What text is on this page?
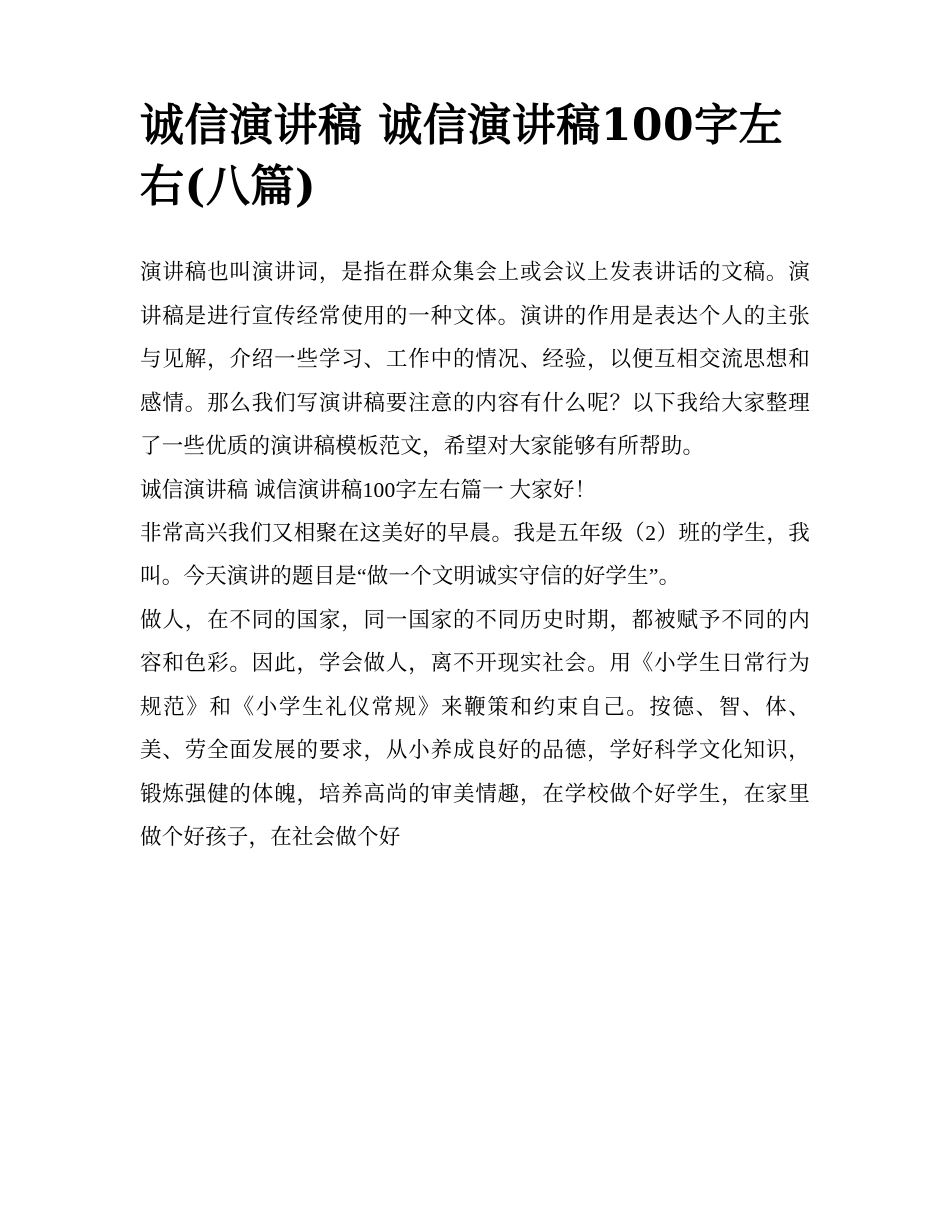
诚信演讲稿 诚信演讲稿100字左右(八篇)

演讲稿也叫演讲词，是指在群众集会上或会议上发表讲话的文稿。演讲稿是进行宣传经常使用的一种文体。演讲的作用是表达个人的主张与见解，介绍一些学习、工作中的情况、经验，以便互相交流思想和感情。那么我们写演讲稿要注意的内容有什么呢？以下我给大家整理了一些优质的演讲稿模板范文，希望对大家能够有所帮助。

诚信演讲稿 诚信演讲稿100字左右篇一 大家好！

非常高兴我们又相聚在这美好的早晨。我是五年级（2）班的学生，我叫。今天演讲的题目是“做一个文明诚实守信的好学生”。

做人，在不同的国家，同一国家的不同历史时期，都被赋予不同的内容和色彩。因此，学会做人，离不开现实社会。用《小学生日常行为规范》和《小学生礼仪常规》来鞭策和约束自己。按德、智、体、美、劳全面发展的要求，从小养成良好的品德，学好科学文化知识，锻炼强健的体魄，培养高尚的审美情趣，在学校做个好学生，在家里做个好孩子，在社会做个好
